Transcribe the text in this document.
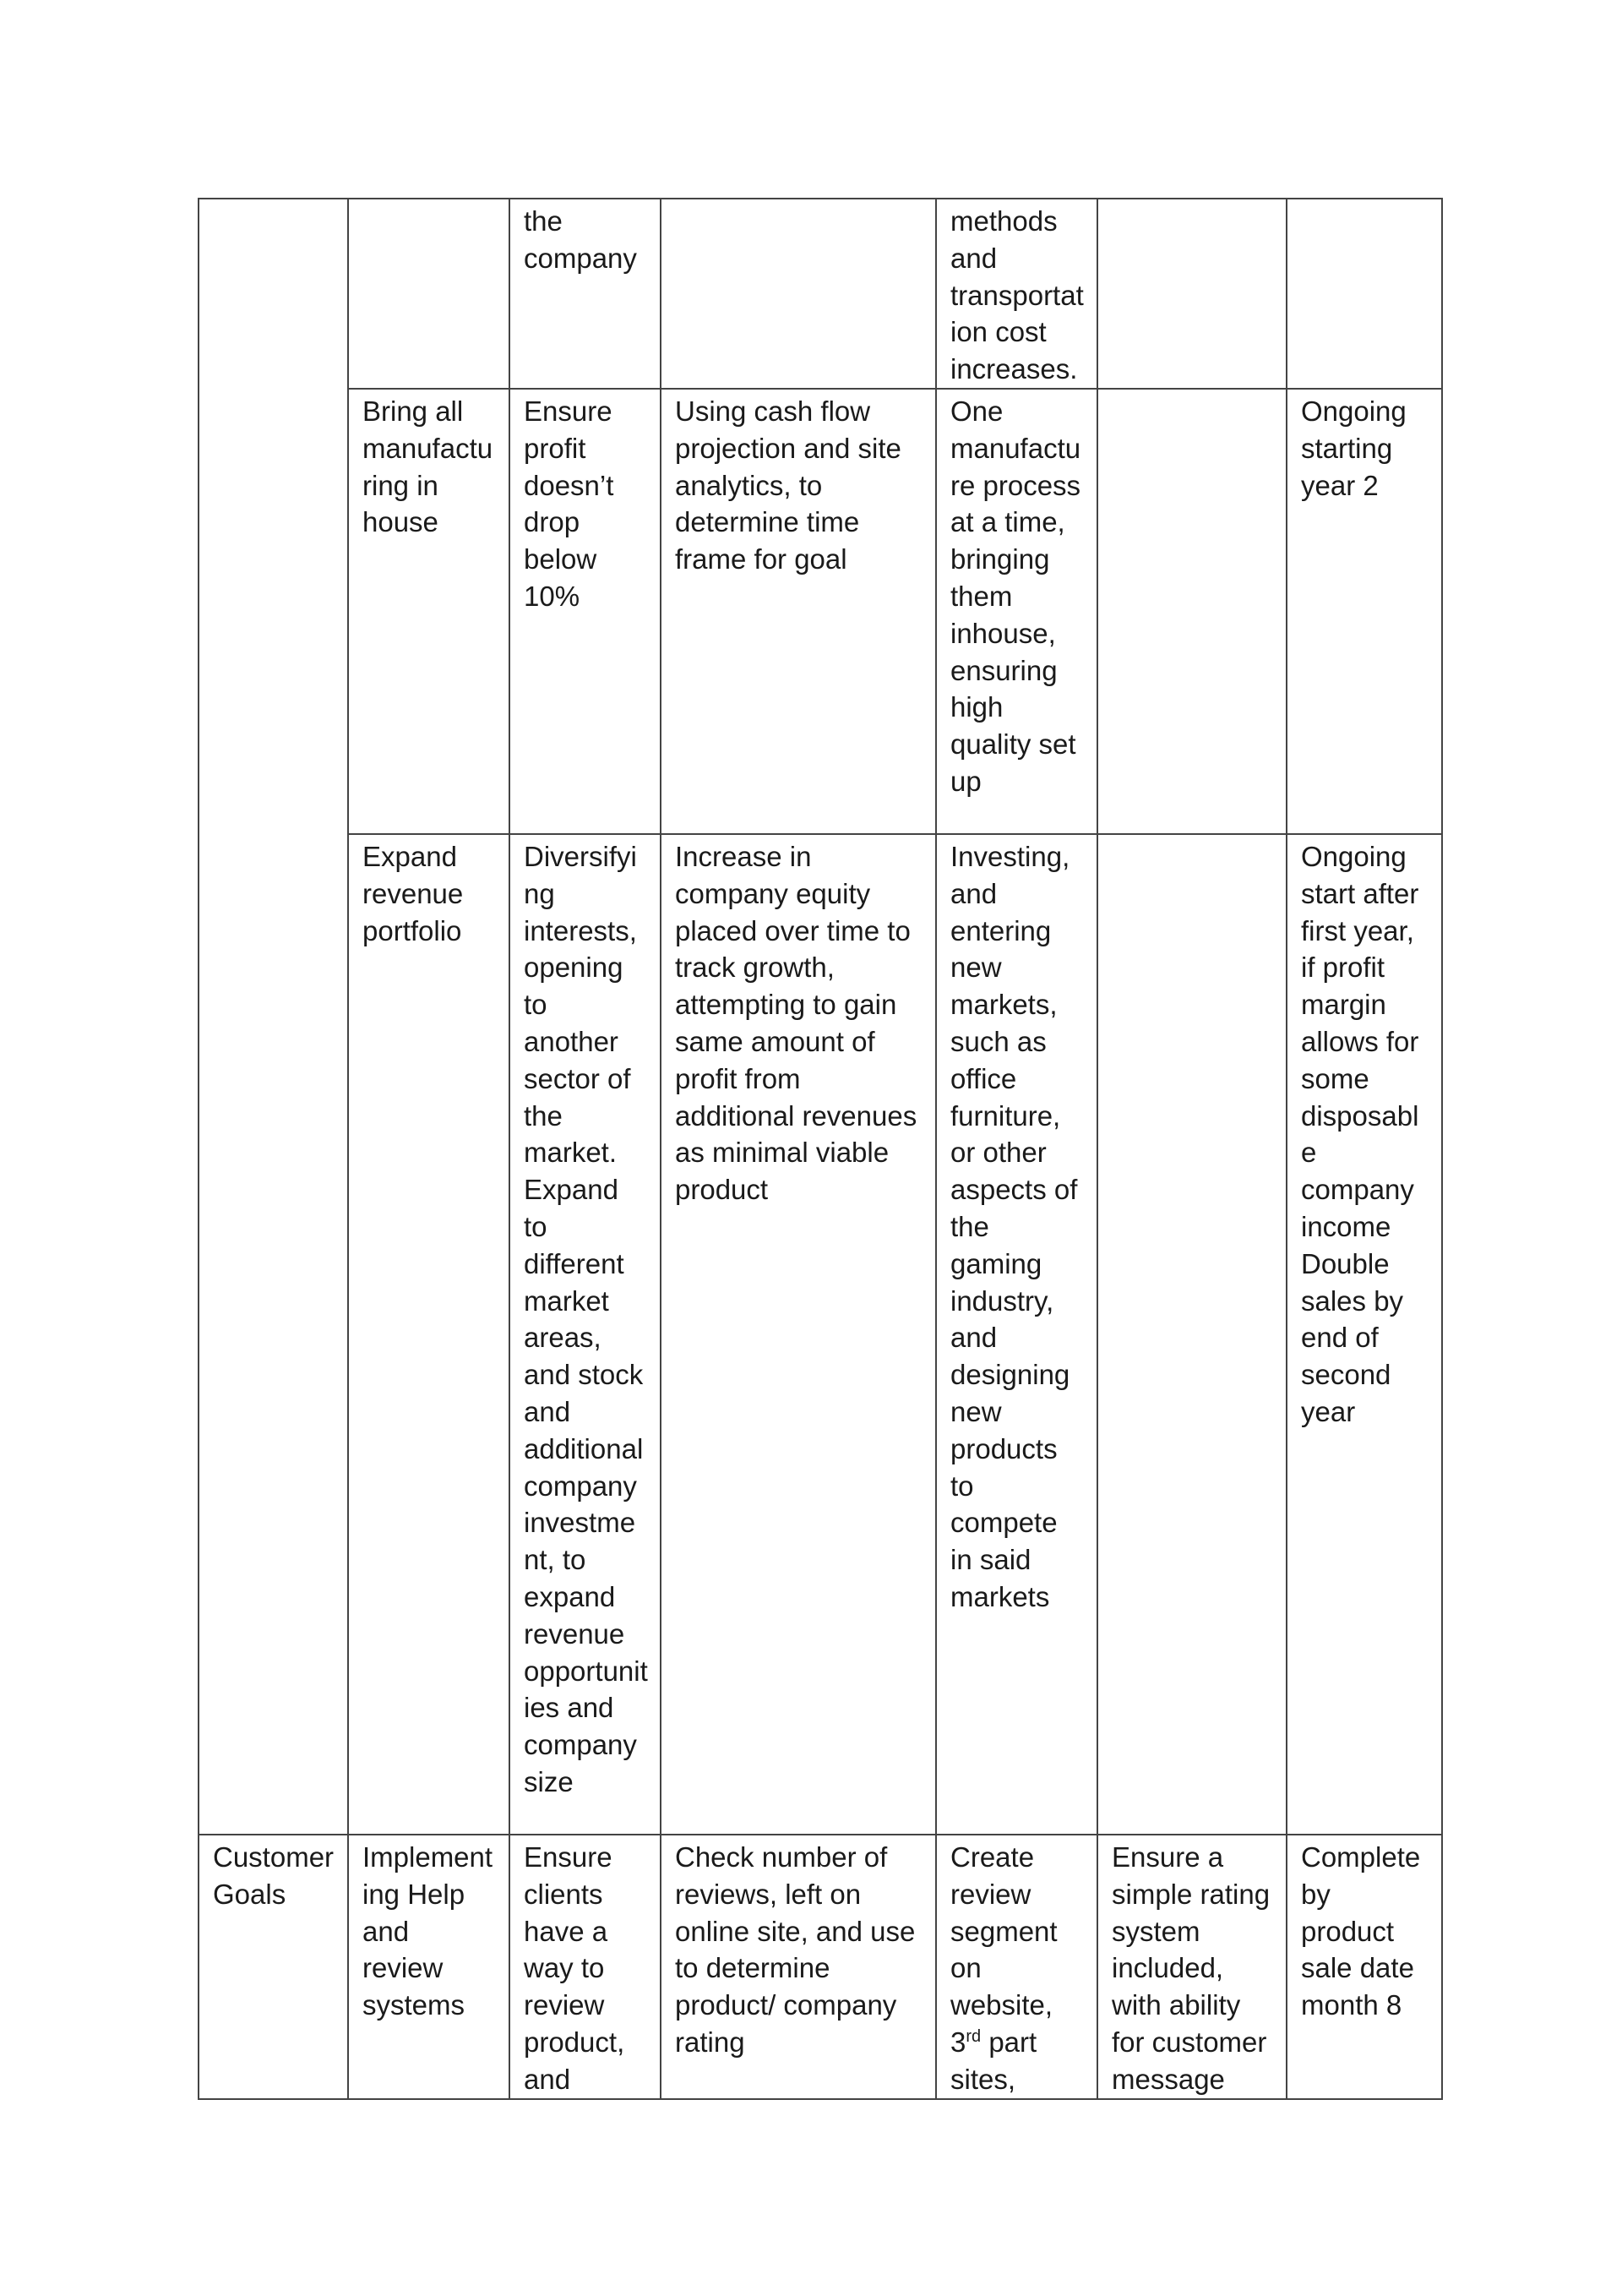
		the company		methods and transportation cost increases.		

	Bring all manufacturing in house	Ensure profit doesn’t drop below 10%	Using cash flow projection and site analytics, to determine time frame for goal	One manufacture process at a time, bringing them inhouse, ensuring high quality set up		Ongoing starting year 2

	Expand revenue portfolio	Diversifying interests, opening to another sector of the market. Expand to different market areas, and stock and additional company investment, to expand revenue opportunities and company size	Increase in company equity placed over time to track growth, attempting to gain same amount of profit from additional revenues as minimal viable product	Investing, and entering new markets, such as office furniture, or other aspects of the gaming industry, and designing new products to compete in said markets		Ongoing start after first year, if profit margin allows for some disposable company income Double sales by end of second year

Customer Goals	Implementing Help and review systems	Ensure clients have a way to review product, and	Check number of reviews, left on online site, and use to determine product/ company rating	Create review segment on website, 3rd part sites,	Ensure a simple rating system included, with ability for customer message	Complete by product sale date month 8
